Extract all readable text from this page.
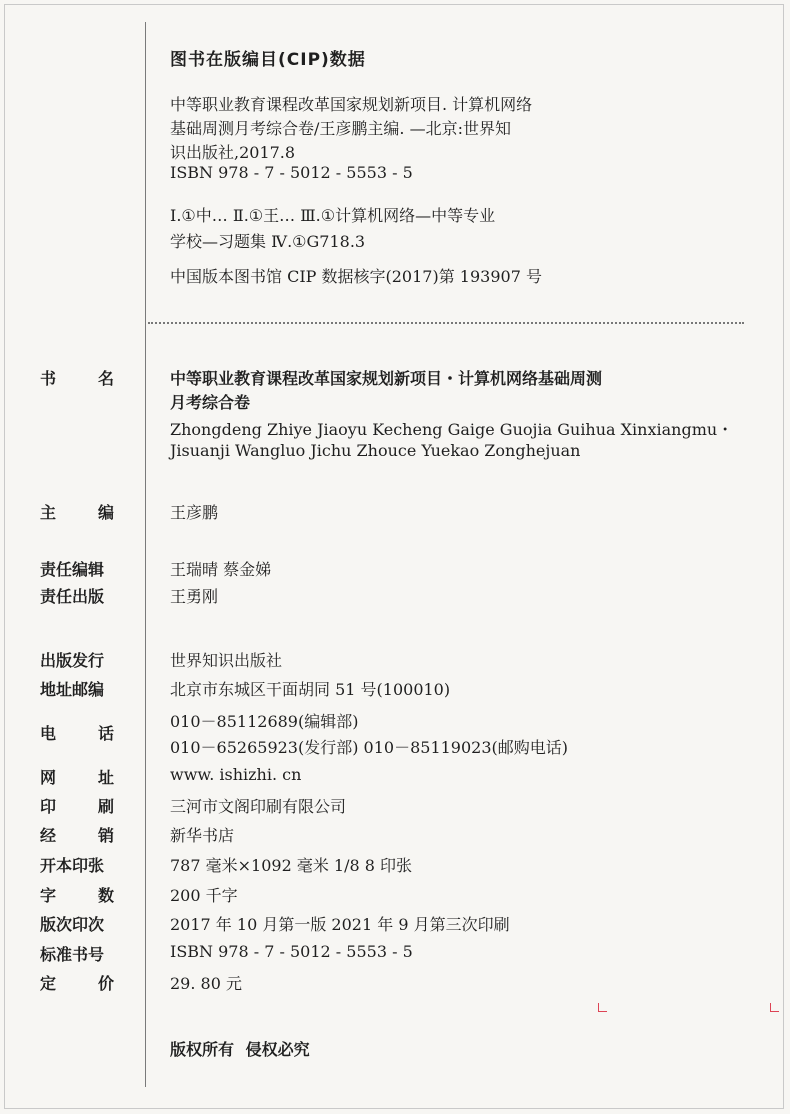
图书在版编目(CIP)数据
中等职业教育课程改革国家规划新项目. 计算机网络
基础周测月考综合卷/王彦鹏主编. —北京:世界知
识出版社,2017.8
ISBN 978 - 7 - 5012 - 5553 - 5
Ⅰ.①中… Ⅱ.①王… Ⅲ.①计算机网络—中等专业
学校—习题集 Ⅳ.①G718.3
中国版本图书馆 CIP 数据核字(2017)第 193907 号
书 名	中等职业教育课程改革国家规划新项目・计算机网络基础周测
月考综合卷
Zhongdeng Zhiye Jiaoyu Kecheng Gaige Guojia Guihua Xinxiangmu・
Jisuanji Wangluo Jichu Zhouce Yuekao Zonghejuan
主 编	王彦鹏
责任编辑	王瑞晴 蔡金娣
责任出版	王勇刚
出版发行	世界知识出版社
地址邮编	北京市东城区干面胡同 51 号(100010)
电 话
010－85112689(编辑部)
010－65265923(发行部) 010－85119023(邮购电话)
网 址	www. ishizhi. cn
印 刷	三河市文阁印刷有限公司
经 销	新华书店
开本印张	787 毫米×1092 毫米 1/8 8 印张
字 数	200 千字
版次印次	2017 年 10 月第一版 2021 年 9 月第三次印刷
标准书号	ISBN 978 - 7 - 5012 - 5553 - 5
定 价	29. 80 元
版权所有 侵权必究
